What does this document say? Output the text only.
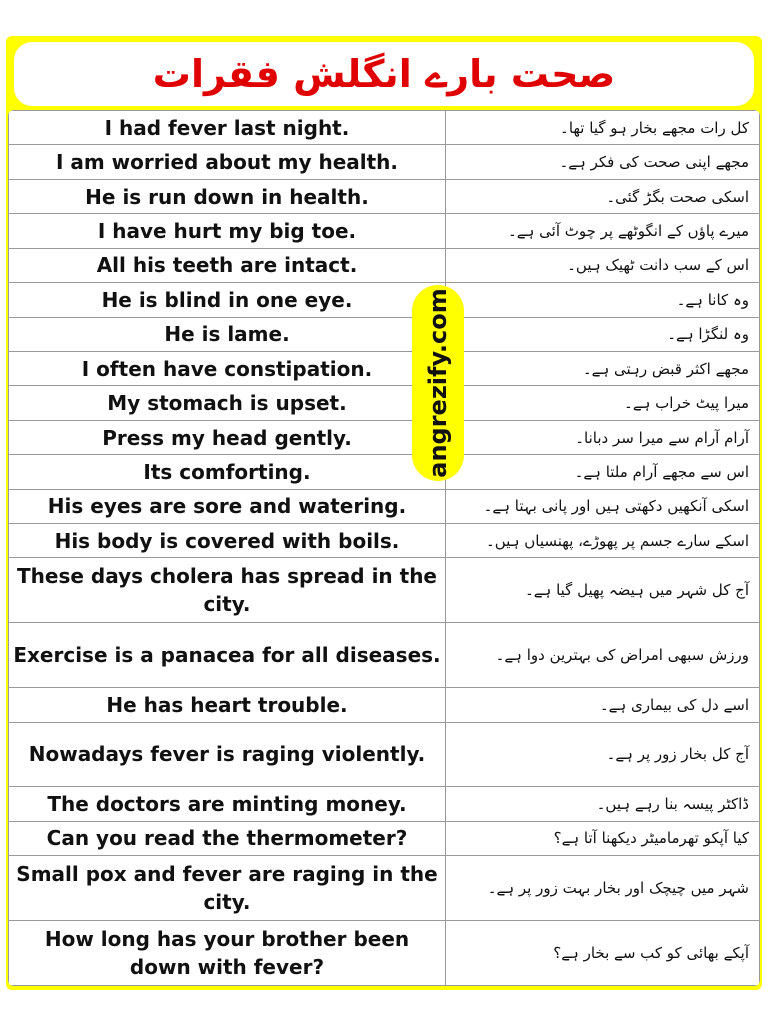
صحت بارے انگلش فقرات
I had fever last night.	کل رات مجھے بخار ہو گیا تھا۔
I am worried about my health.	مجھے اپنی صحت کی فکر ہے۔
He is run down in health.	اسکی صحت بگڑ گئی۔
I have hurt my big toe.	میرے پاؤں کے انگوٹھے پر چوٹ آئی ہے۔
All his teeth are intact.	اس کے سب دانت ٹھیک ہیں۔
He is blind in one eye.	وہ کانا ہے۔
He is lame.	وہ لنگڑا ہے۔
I often have constipation.	مجھے اکثر قبض رہتی ہے۔
My stomach is upset.	میرا پیٹ خراب ہے۔
Press my head gently.	آرام آرام سے میرا سر دبانا۔
Its comforting.	اس سے مجھے آرام ملتا ہے۔
His eyes are sore and watering.	اسکی آنکھیں دکھتی ہیں اور پانی بہتا ہے۔
His body is covered with boils.	اسکے سارے جسم پر پھوڑے، پھنسیاں ہیں۔
These days cholera has spread in the city.	آج کل شہر میں ہیضہ پھیل گیا ہے۔
Exercise is a panacea for all diseases.	ورزش سبھی امراض کی بہترین دوا ہے۔
He has heart trouble.	اسے دل کی بیماری ہے۔
Nowadays fever is raging violently.	آج کل بخار زور پر ہے۔
The doctors are minting money.	ڈاکٹر پیسہ بنا رہے ہیں۔
Can you read the thermometer?	کیا آپکو تھرمامیٹر دیکھنا آتا ہے؟
Small pox and fever are raging in the city.	شہر میں چیچک اور بخار بہت زور پر ہے۔
How long has your brother been down with fever?	آپکے بھائی کو کب سے بخار ہے؟
angrezify.com
